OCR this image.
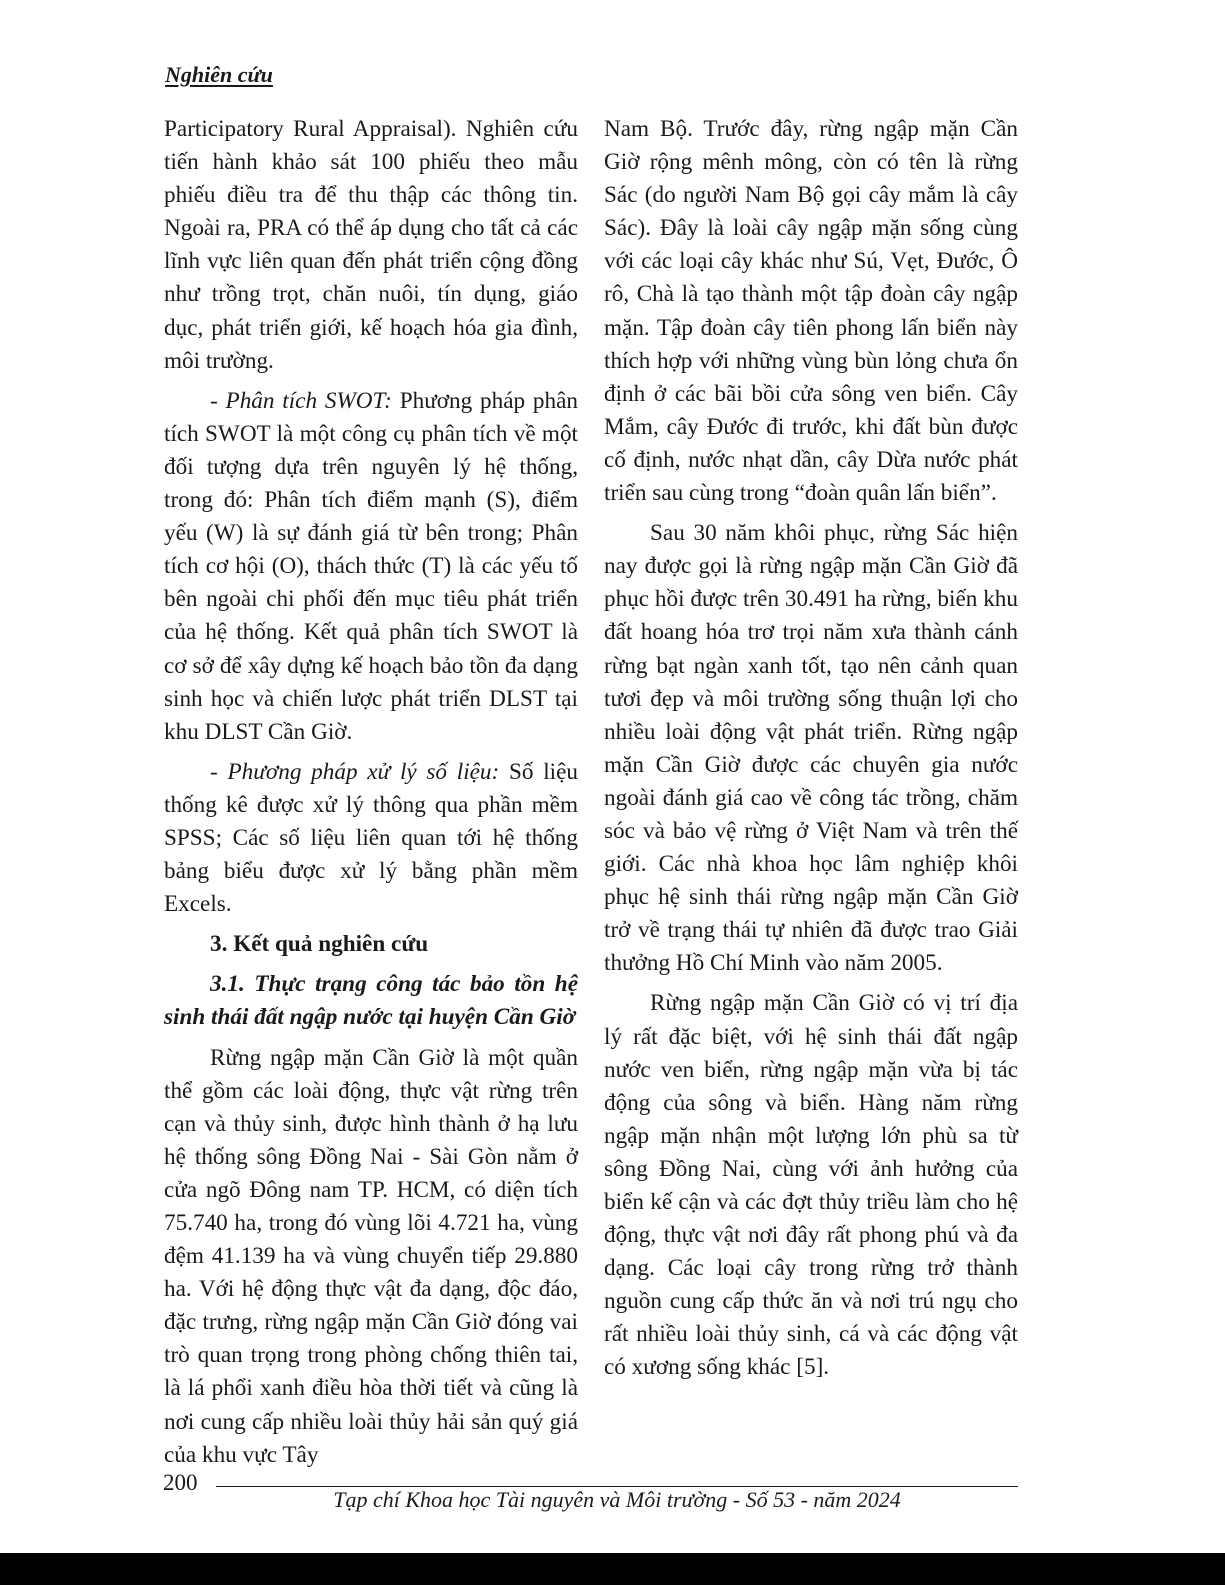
Nghiên cứu

Participatory Rural Appraisal). Nghiên cứu tiến hành khảo sát 100 phiếu theo mẫu phiếu điều tra để thu thập các thông tin. Ngoài ra, PRA có thể áp dụng cho tất cả các lĩnh vực liên quan đến phát triển cộng đồng như trồng trọt, chăn nuôi, tín dụng, giáo dục, phát triển giới, kế hoạch hóa gia đình, môi trường.

- Phân tích SWOT: Phương pháp phân tích SWOT là một công cụ phân tích về một đối tượng dựa trên nguyên lý hệ thống, trong đó: Phân tích điểm mạnh (S), điểm yếu (W) là sự đánh giá từ bên trong; Phân tích cơ hội (O), thách thức (T) là các yếu tố bên ngoài chi phối đến mục tiêu phát triển của hệ thống. Kết quả phân tích SWOT là cơ sở để xây dựng kế hoạch bảo tồn đa dạng sinh học và chiến lược phát triển DLST tại khu DLST Cần Giờ.

- Phương pháp xử lý số liệu: Số liệu thống kê được xử lý thông qua phần mềm SPSS; Các số liệu liên quan tới hệ thống bảng biểu được xử lý bằng phần mềm Excels.

3. Kết quả nghiên cứu

3.1. Thực trạng công tác bảo tồn hệ sinh thái đất ngập nước tại huyện Cần Giờ

Rừng ngập mặn Cần Giờ là một quần thể gồm các loài động, thực vật rừng trên cạn và thủy sinh, được hình thành ở hạ lưu hệ thống sông Đồng Nai - Sài Gòn nằm ở cửa ngõ Đông nam TP. HCM, có diện tích 75.740 ha, trong đó vùng lõi 4.721 ha, vùng đệm 41.139 ha và vùng chuyển tiếp 29.880 ha. Với hệ động thực vật đa dạng, độc đáo, đặc trưng, rừng ngập mặn Cần Giờ đóng vai trò quan trọng trong phòng chống thiên tai, là lá phổi xanh điều hòa thời tiết và cũng là nơi cung cấp nhiều loài thủy hải sản quý giá của khu vực Tây

Nam Bộ. Trước đây, rừng ngập mặn Cần Giờ rộng mênh mông, còn có tên là rừng Sác (do người Nam Bộ gọi cây mắm là cây Sác). Đây là loài cây ngập mặn sống cùng với các loại cây khác như Sú, Vẹt, Đước, Ô rô, Chà là tạo thành một tập đoàn cây ngập mặn. Tập đoàn cây tiên phong lấn biển này thích hợp với những vùng bùn lỏng chưa ổn định ở các bãi bồi cửa sông ven biển. Cây Mắm, cây Đước đi trước, khi đất bùn được cố định, nước nhạt dần, cây Dừa nước phát triển sau cùng trong “đoàn quân lấn biển”.

Sau 30 năm khôi phục, rừng Sác hiện nay được gọi là rừng ngập mặn Cần Giờ đã phục hồi được trên 30.491 ha rừng, biến khu đất hoang hóa trơ trọi năm xưa thành cánh rừng bạt ngàn xanh tốt, tạo nên cảnh quan tươi đẹp và môi trường sống thuận lợi cho nhiều loài động vật phát triển. Rừng ngập mặn Cần Giờ được các chuyên gia nước ngoài đánh giá cao về công tác trồng, chăm sóc và bảo vệ rừng ở Việt Nam và trên thế giới. Các nhà khoa học lâm nghiệp khôi phục hệ sinh thái rừng ngập mặn Cần Giờ trở về trạng thái tự nhiên đã được trao Giải thưởng Hồ Chí Minh vào năm 2005.

Rừng ngập mặn Cần Giờ có vị trí địa lý rất đặc biệt, với hệ sinh thái đất ngập nước ven biển, rừng ngập mặn vừa bị tác động của sông và biển. Hàng năm rừng ngập mặn nhận một lượng lớn phù sa từ sông Đồng Nai, cùng với ảnh hưởng của biển kế cận và các đợt thủy triều làm cho hệ động, thực vật nơi đây rất phong phú và đa dạng. Các loại cây trong rừng trở thành nguồn cung cấp thức ăn và nơi trú ngụ cho rất nhiều loài thủy sinh, cá và các động vật có xương sống khác [5].

200
Tạp chí Khoa học Tài nguyên và Môi trường - Số 53 - năm 2024
